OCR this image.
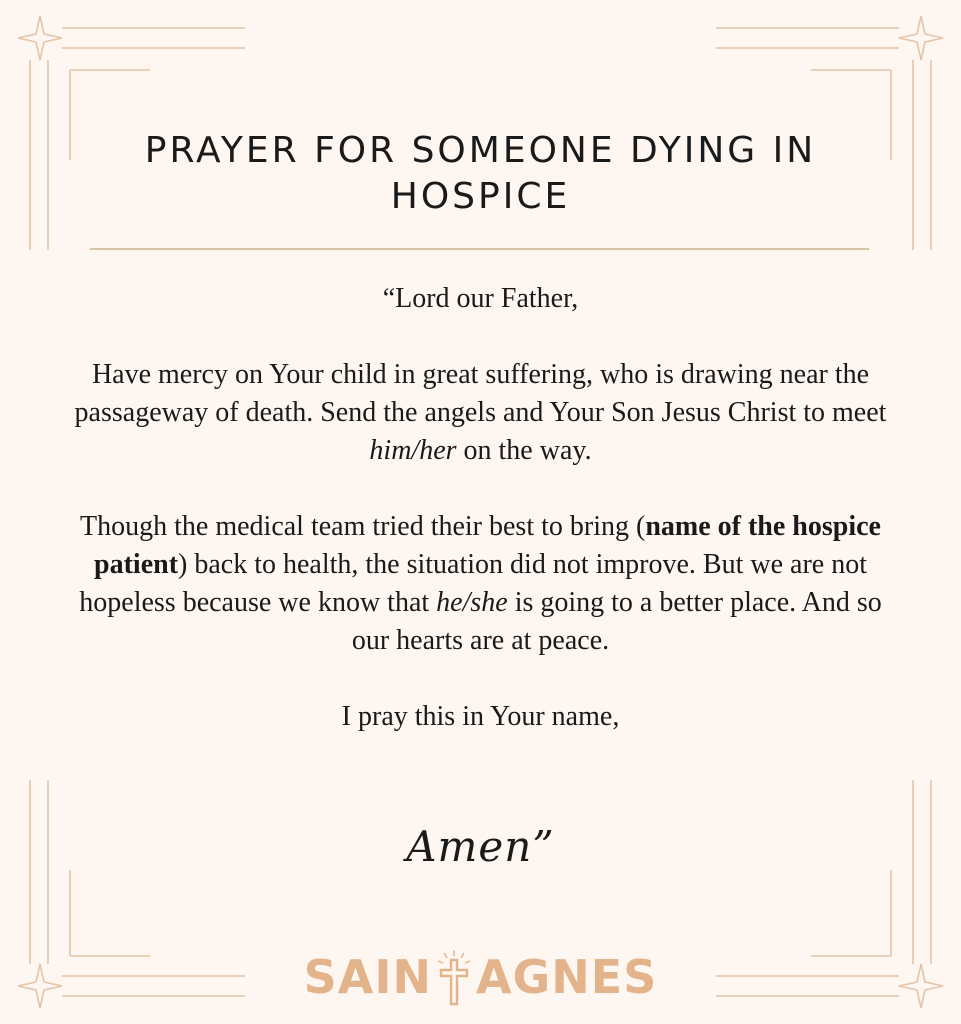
PRAYER FOR SOMEONE DYING IN HOSPICE

“Lord our Father,

Have mercy on Your child in great suffering, who is drawing near the passageway of death. Send the angels and Your Son Jesus Christ to meet him/her on the way.

Though the medical team tried their best to bring (name of the hospice patient) back to health, the situation did not improve. But we are not hopeless because we know that he/she is going to a better place. And so our hearts are at peace.

I pray this in Your name,

Amen”
SAIN AGNES
